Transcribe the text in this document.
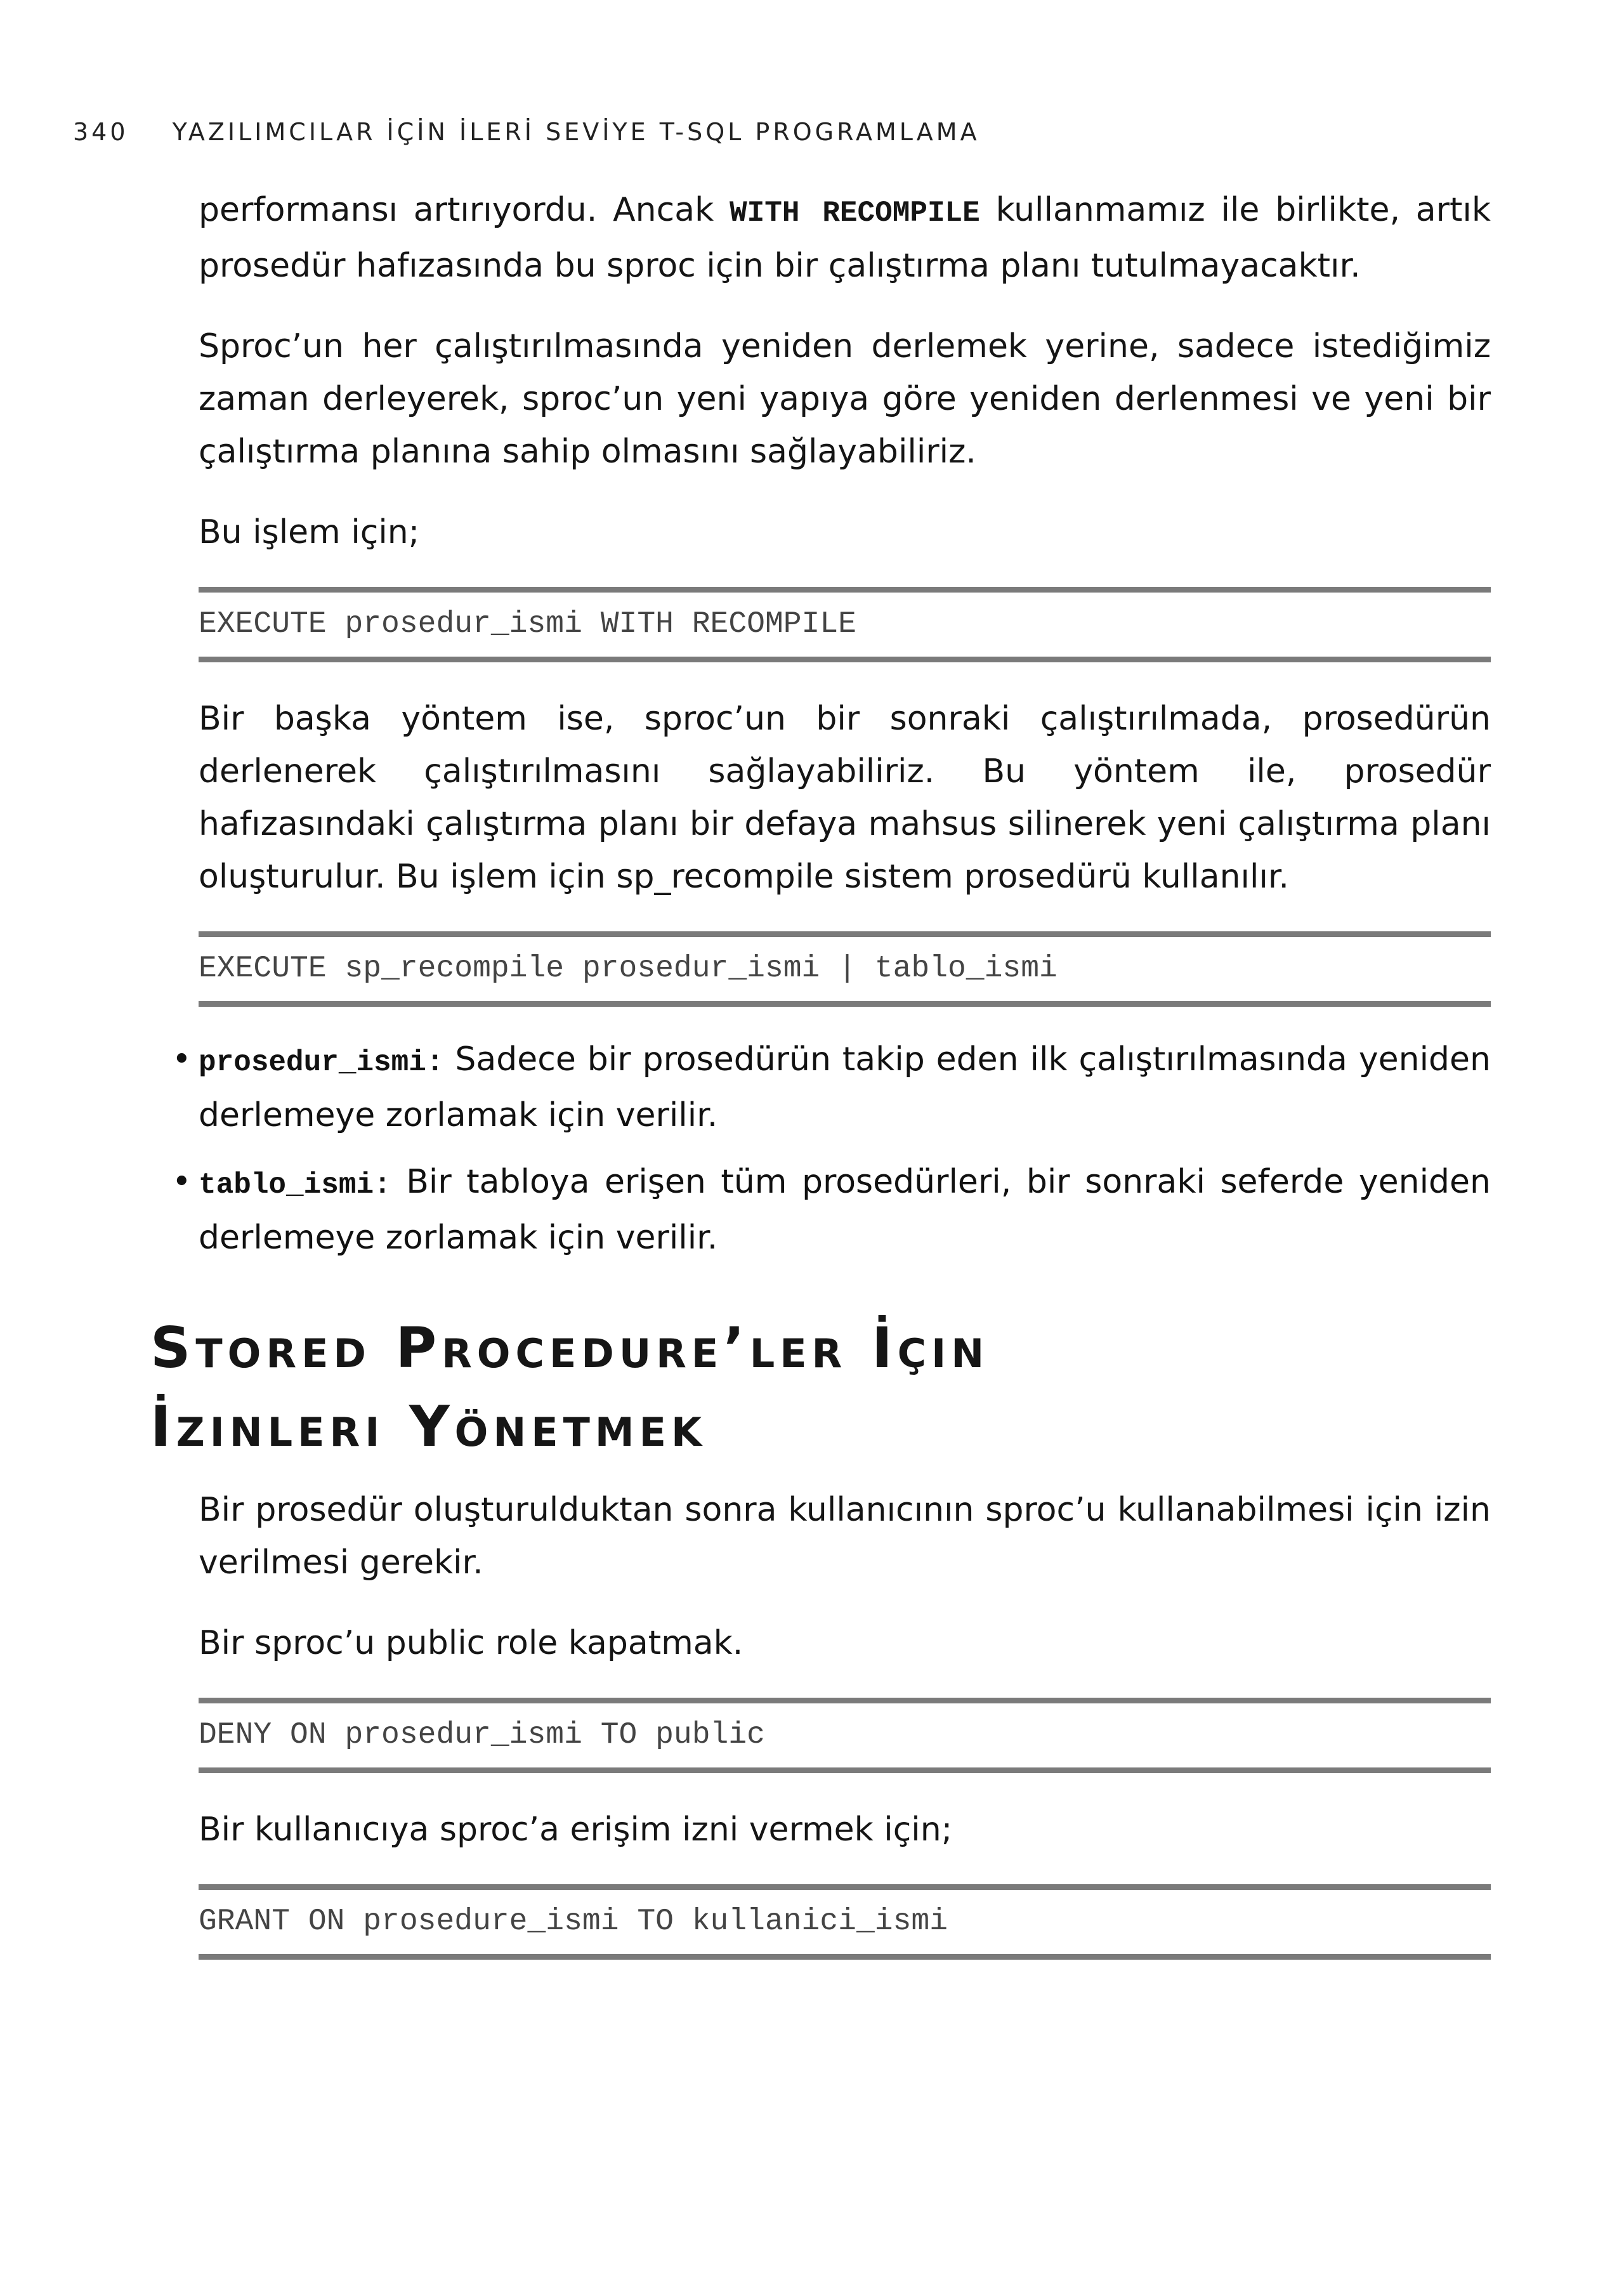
340 YAZILIMCILAR İÇİN İLERİ SEVİYE T-SQL PROGRAMLAMA

performansı artırıyordu. Ancak WITH RECOMPILE kullanmamız ile birlikte, artık prosedür hafızasında bu sproc için bir çalıştırma planı tutulmayacaktır.

Sproc’un her çalıştırılmasında yeniden derlemek yerine, sadece istediğimiz zaman derleyerek, sproc’un yeni yapıya göre yeniden derlenmesi ve yeni bir çalıştırma planına sahip olmasını sağlayabiliriz.

Bu işlem için;

EXECUTE prosedur_ismi WITH RECOMPILE

Bir başka yöntem ise, sproc’un bir sonraki çalıştırılmada, prosedürün derlenerek çalıştırılmasını sağlayabiliriz. Bu yöntem ile, prosedür hafızasındaki çalıştırma planı bir defaya mahsus silinerek yeni çalıştırma planı oluşturulur. Bu işlem için sp_recompile sistem prosedürü kullanılır.

EXECUTE sp_recompile prosedur_ismi | tablo_ismi
• prosedur_ismi: Sadece bir prosedürün takip eden ilk çalıştırılmasında yeniden derlemeye zorlamak için verilir.
• tablo_ismi: Bir tabloya erişen tüm prosedürleri, bir sonraki seferde yeniden derlemeye zorlamak için verilir.
Stored Procedure’ler İçin
İzinleri Yönetmek

Bir prosedür oluşturulduktan sonra kullanıcının sproc’u kullanabilmesi için izin verilmesi gerekir.

Bir sproc’u public role kapatmak.

DENY ON prosedur_ismi TO public

Bir kullanıcıya sproc’a erişim izni vermek için;

GRANT ON prosedure_ismi TO kullanici_ismi
